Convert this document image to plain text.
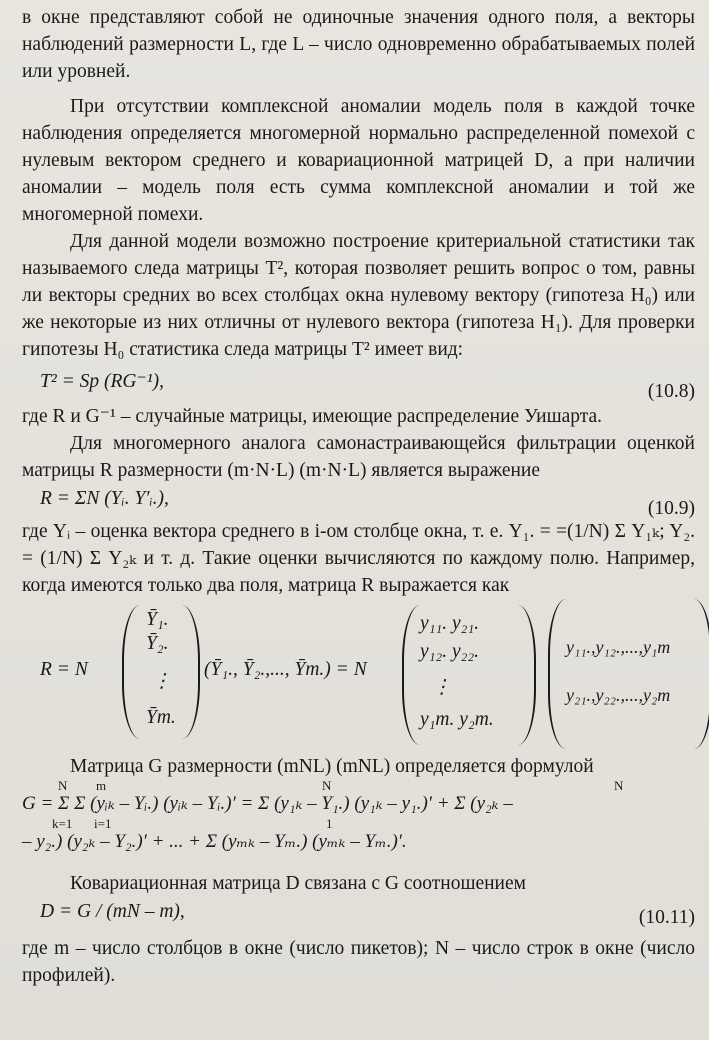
в окне представляют собой не одиночные значения одного поля, а векторы наблюдений размерности L, где L – число одновременно обрабатываемых полей или уровней.

При отсутствии комплексной аномалии модель поля в каждой точке наблюдения определяется многомерной нормально распределенной помехой с нулевым вектором среднего и ковариационной матрицей D, а при наличии аномалии – модель поля есть сумма комплексной аномалии и той же многомерной помехи.

Для данной модели возможно построение критериальной статистики так называемого следа матрицы T², которая позволяет решить вопрос о том, равны ли векторы средних во всех столбцах окна нулевому вектору (гипотеза H₀) или же некоторые из них отличны от нулевого вектора (гипотеза H₁). Для проверки гипотезы H₀ статистика следа матрицы T² имеет вид:

T² = Sp (RG⁻¹),	(10.8)

где R и G⁻¹ – случайные матрицы, имеющие распределение Уишарта.

Для многомерного аналога самонастраивающейся фильтрации оценкой матрицы R размерности (m·N·L) (m·N·L) является выражение

R = ΣN (Yᵢ. Y′ᵢ.),	(10.9)

где Yᵢ – оценка вектора среднего в i-ом столбце окна, т. е. Y₁. = =(1/N) Σ Y₁ₖ; Y₂. = (1/N) Σ Y₂ₖ и т. д. Такие оценки вычисляются по каждому полю. Например, когда имеются только два поля, матрица R выражается как

R = N
Ȳ₁.
Ȳ₂.
⋮
Ȳm.
(Ȳ₁., Ȳ₂.,..., Ȳm.) = N
y₁₁. y₂₁.
y₁₂. y₂₂.
⋮
y₁m. y₂m.
y₁₁.,y₁₂.,...,y₁m
y₂₁.,y₂₂.,...,y₂m

Матрица G размерности (mNL) (mNL) определяется формулой

N m	N	N
G = Σ Σ (yᵢₖ – Yᵢ.) (yᵢₖ – Yᵢ.)′ = Σ (y₁ₖ – Y₁.) (y₁ₖ – y₁.)′ + Σ (y₂ₖ –
k=1 i=1	1
– y₂.) (y₂ₖ – Y₂.)′ + ... + Σ (yₘₖ – Yₘ.) (yₘₖ – Yₘ.)′.

Ковариационная матрица D связана с G соотношением

D = G / (mN – m),	(10.11)

где m – число столбцов в окне (число пикетов); N – число строк в окне (число профилей).
